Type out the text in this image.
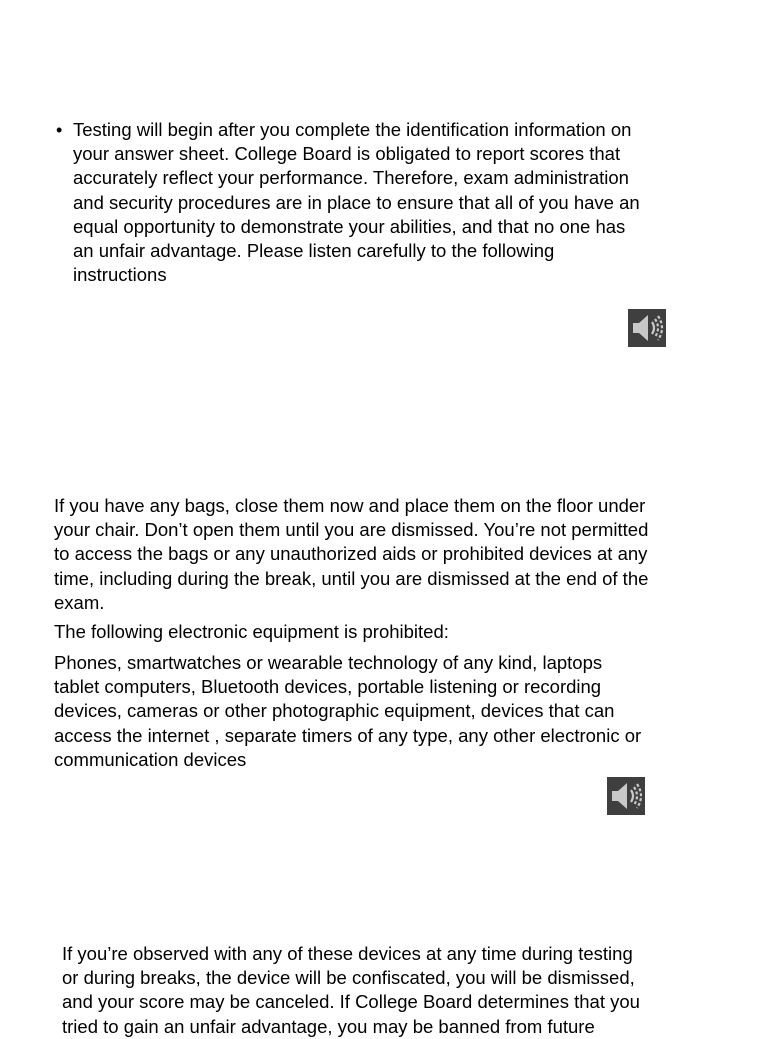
• Testing will begin after you complete the identification information on
your answer sheet. College Board is obligated to report scores that
accurately reflect your performance. Therefore, exam administration
and security procedures are in place to ensure that all of you have an
equal opportunity to demonstrate your abilities, and that no one has
an unfair advantage. Please listen carefully to the following
instructions

If you have any bags, close them now and place them on the floor under
your chair. Don’t open them until you are dismissed. You’re not permitted
to access the bags or any unauthorized aids or prohibited devices at any
time, including during the break, until you are dismissed at the end of the
exam.

The following electronic equipment is prohibited:

Phones, smartwatches or wearable technology of any kind, laptops
tablet computers, Bluetooth devices, portable listening or recording
devices, cameras or other photographic equipment, devices that can
access the internet , separate timers of any type, any other electronic or
communication devices

If you’re observed with any of these devices at any time during testing
or during breaks, the device will be confiscated, you will be dismissed,
and your score may be canceled. If College Board determines that you
tried to gain an unfair advantage, you may be banned from future
